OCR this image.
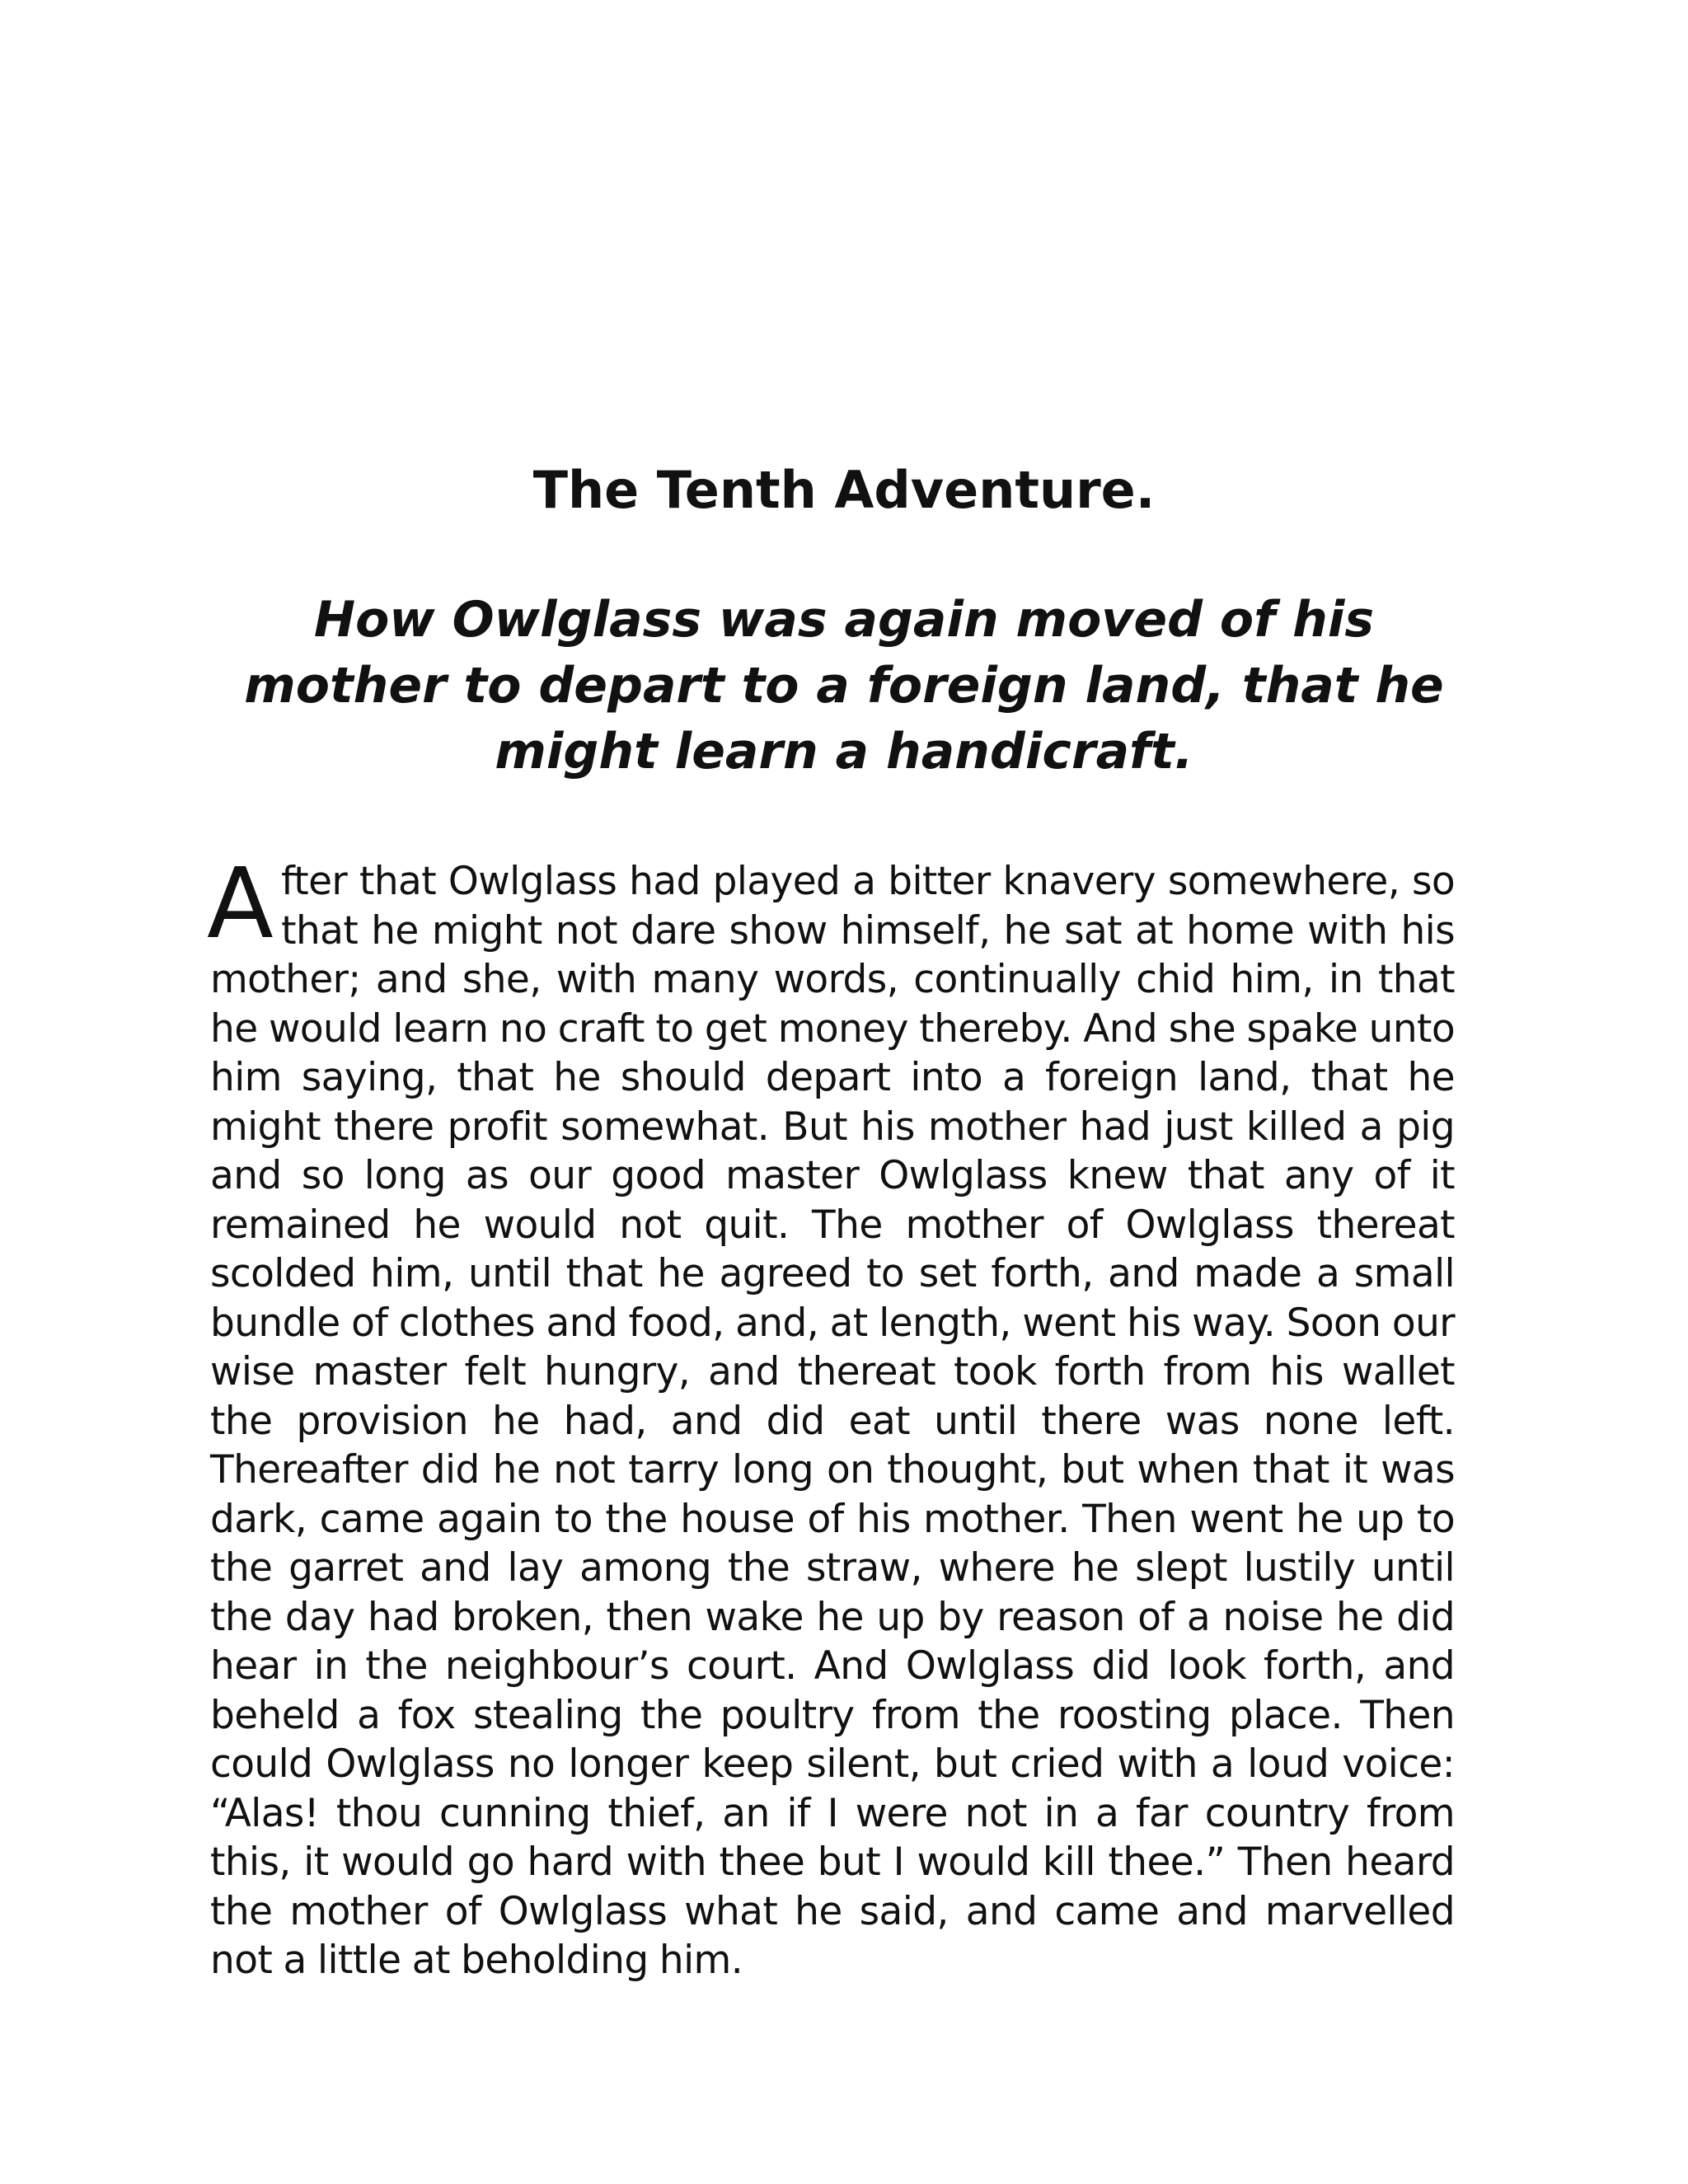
The Tenth Adventure.
How Owlglass was again moved of his mother to depart to a foreign land, that he might learn a handicraft.

After that Owlglass had played a bitter knavery somewhere, so that he might not dare show himself, he sat at home with his mother; and she, with many words, continually chid him, in that he would learn no craft to get money thereby. And she spake unto him saying, that he should depart into a foreign land, that he might there profit somewhat. But his mother had just killed a pig and so long as our good master Owlglass knew that any of it remained he would not quit. The mother of Owlglass thereat scolded him, until that he agreed to set forth, and made a small bundle of clothes and food, and, at length, went his way. Soon our wise master felt hungry, and thereat took forth from his wallet the provision he had, and did eat until there was none left. Thereafter did he not tarry long on thought, but when that it was dark, came again to the house of his mother. Then went he up to the garret and lay among the straw, where he slept lustily until the day had broken, then wake he up by reason of a noise he did hear in the neighbour’s court. And Owlglass did look forth, and beheld a fox stealing the poultry from the roosting place. Then could Owlglass no longer keep silent, but cried with a loud voice: “Alas! thou cunning thief, an if I were not in a far country from this, it would go hard with thee but I would kill thee.” Then heard the mother of Owlglass what he said, and came and marvelled not a little at beholding him.
